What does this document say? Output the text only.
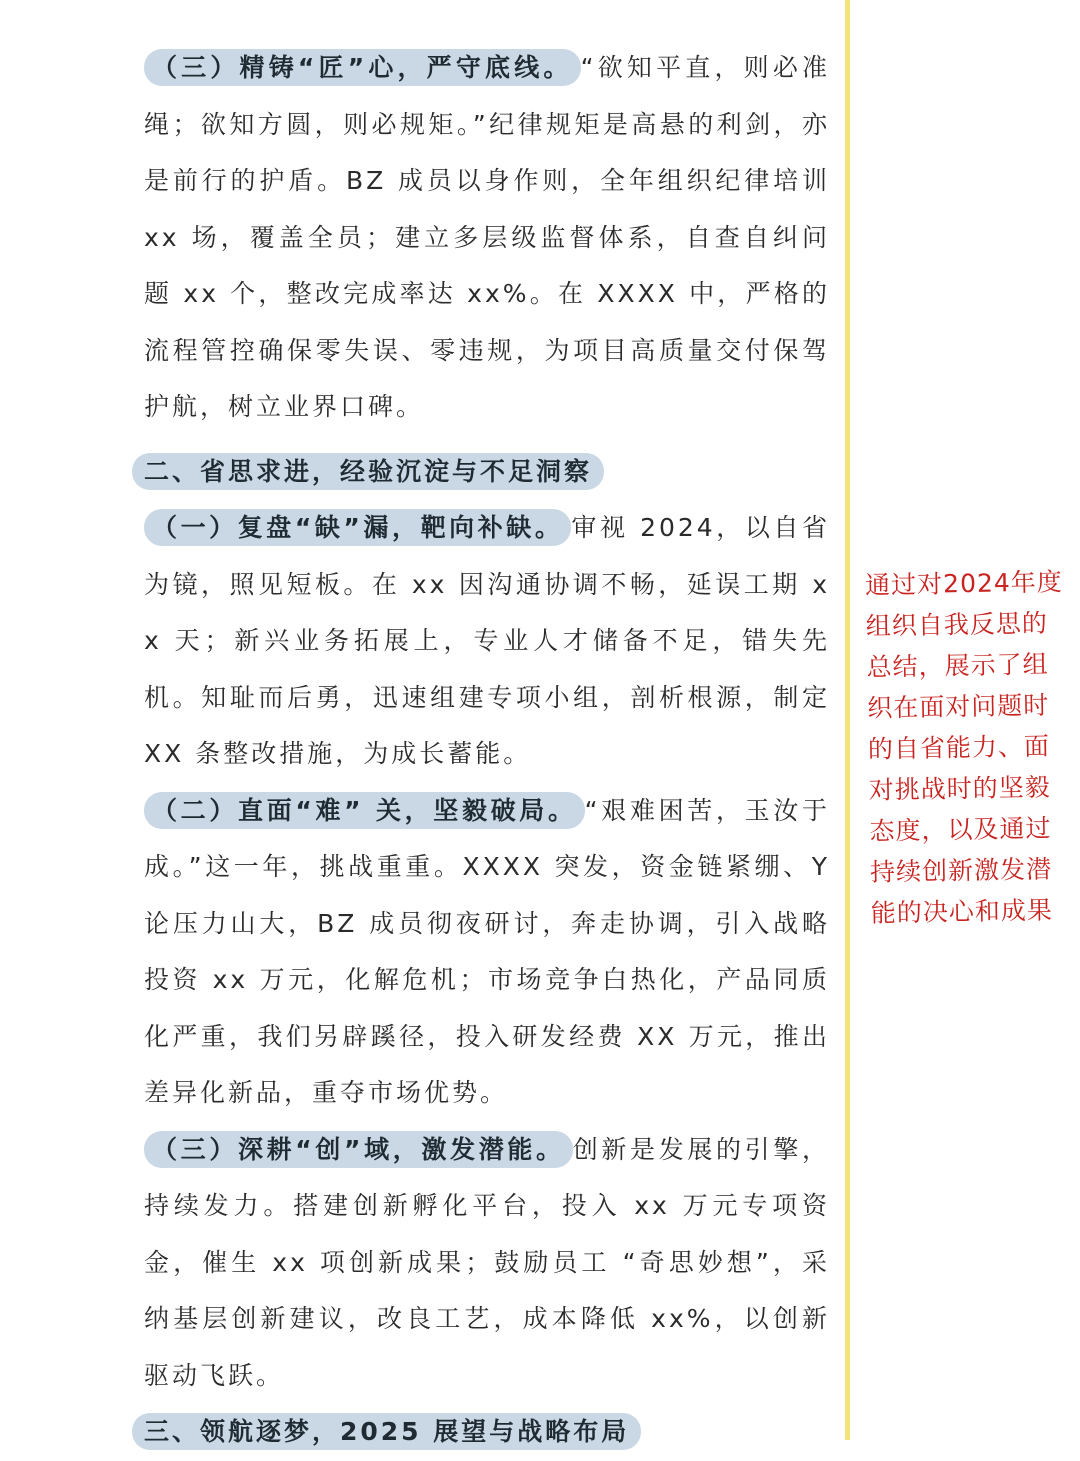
（三）精铸“匠”心，严守底线。 “欲知平直，则必准绳；欲知方圆，则必规矩。”纪律规矩是高悬的利剑，亦是前行的护盾。BZ 成员以身作则，全年组织纪律培训 xx 场，覆盖全员；建立多层级监督体系，自查自纠问题 xx 个，整改完成率达 xx%。在 XXXX 中，严格的流程管控确保零失误、零违规，为项目高质量交付保驾护航，树立业界口碑。

二、省思求进，经验沉淀与不足洞察

（一）复盘“缺”漏，靶向补缺。 审视 2024，以自省为镜，照见短板。在 xx 因沟通协调不畅，延误工期 xx 天；新兴业务拓展上，专业人才储备不足，错失先机。知耻而后勇，迅速组建专项小组，剖析根源，制定 XX 条整改措施，为成长蓄能。

（二）直面“难” 关，坚毅破局。 “艰难困苦，玉汝于成。”这一年，挑战重重。XXXX 突发，资金链紧绷、Y 论压力山大，BZ 成员彻夜研讨，奔走协调，引入战略投资 xx 万元，化解危机；市场竞争白热化，产品同质化严重，我们另辟蹊径，投入研发经费 XX 万元，推出差异化新品，重夺市场优势。

（三）深耕“创”域，激发潜能。 创新是发展的引擎，持续发力。搭建创新孵化平台，投入 xx 万元专项资金，催生 xx 项创新成果；鼓励员工 “奇思妙想”，采纳基层创新建议，改良工艺，成本降低 xx%，以创新驱动飞跃。

三、领航逐梦，2025 展望与战略布局

通过对2024年度组织自我反思的总结，展示了组织在面对问题时的自省能力、面对挑战时的坚毅态度，以及通过持续创新激发潜能的决心和成果
